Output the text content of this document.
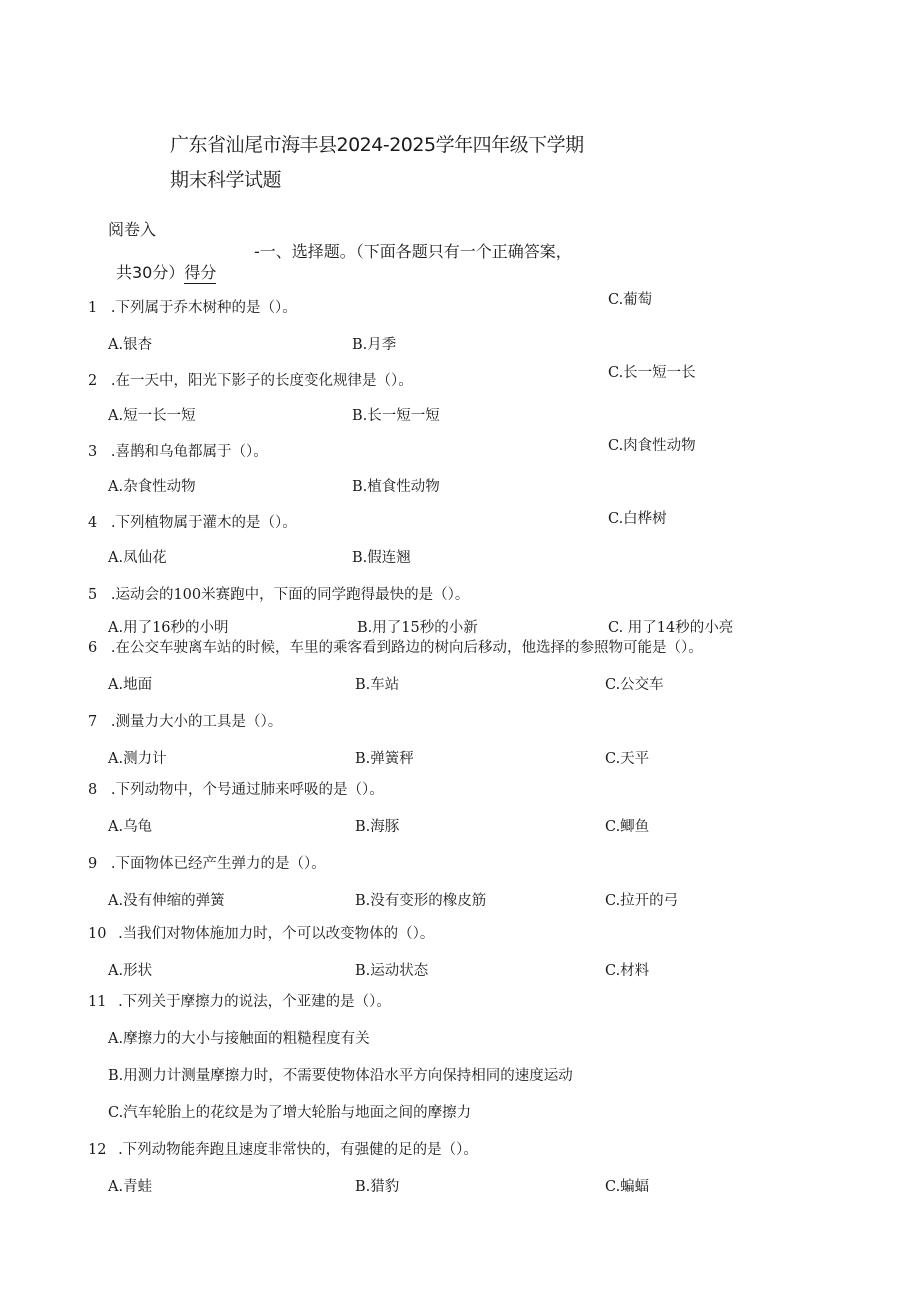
广东省汕尾市海丰县2024-2025学年四年级下学期
期末科学试题
阅卷入
-一、选择题。（下面各题只有一个正确答案，
共30分）得分
1 .下列属于乔木树种的是（）。	C.葡萄
A.银杏	B.月季
2 .在一天中，阳光下影子的长度变化规律是（）。	C.长一短一长
A.短一长一短	B.长一短一短
3 .喜鹊和乌龟都属于（）。	C.肉食性动物
A.杂食性动物	B.植食性动物
4 .下列植物属于灌木的是（）。	C.白桦树
A.凤仙花	B.假连翘
5 .运动会的100米赛跑中，下面的同学跑得最快的是（）。
A.用了16秒的小明	B.用了15秒的小新	C. 用了14秒的小亮
6 .在公交车驶离车站的时候，车里的乘客看到路边的树向后移动，他选择的参照物可能是（）。
A.地面	B.车站	C.公交车
7 .测量力大小的工具是（）。
A.测力计	B.弹簧秤	C.天平
8 .下列动物中，个号通过肺来呼吸的是（）。
A.乌龟	B.海豚	C.鲫鱼
9 .下面物体已经产生弹力的是（）。
A.没有伸缩的弹簧	B.没有变形的橡皮筋	C.拉开的弓
10 .当我们对物体施加力时，个可以改变物体的（）。
A.形状	B.运动状态	C.材料
11 .下列关于摩擦力的说法，个亚建的是（）。
A.摩擦力的大小与接触面的粗糙程度有关
B.用测力计测量摩擦力时，不需要使物体沿水平方向保持相同的速度运动
C.汽车轮胎上的花纹是为了增大轮胎与地面之间的摩擦力
12 .下列动物能奔跑且速度非常快的，有强健的足的是（）。
A.青蛙	B.猎豹	C.蝙蝠
